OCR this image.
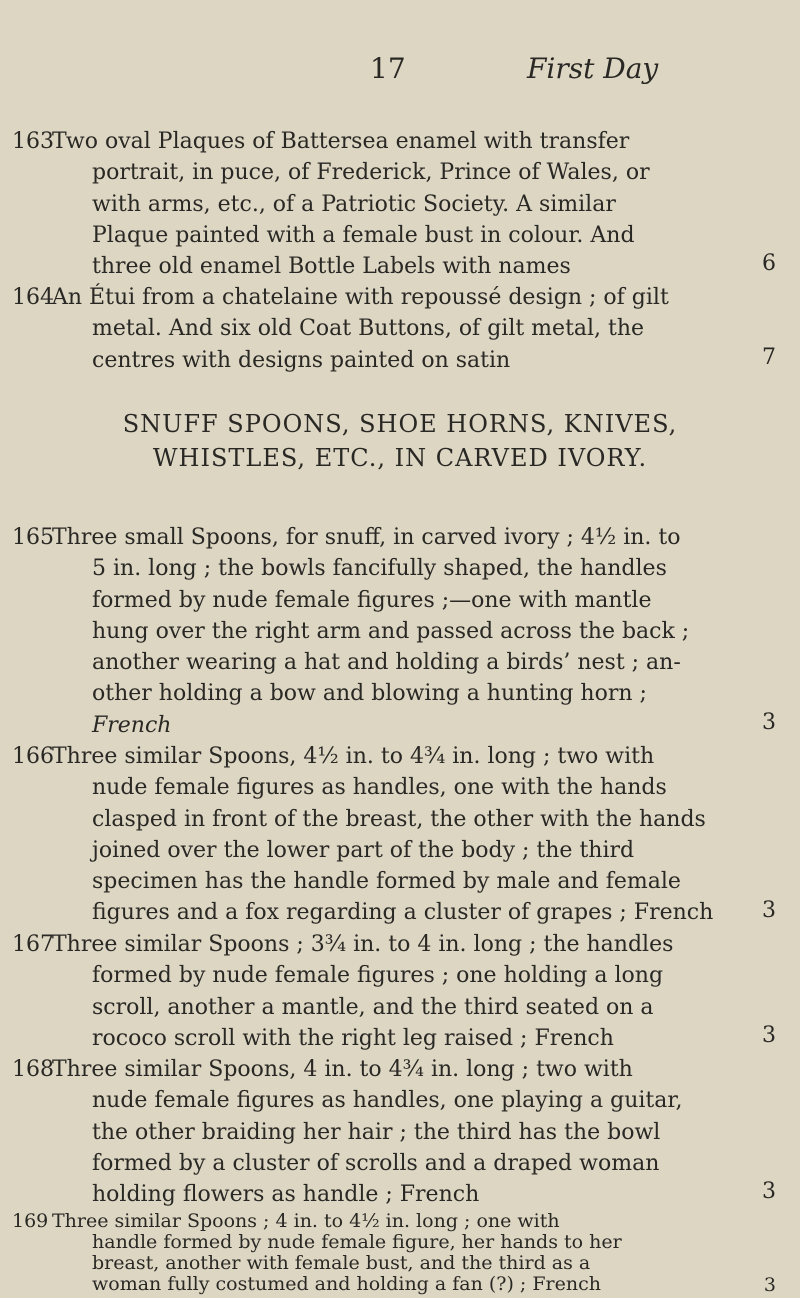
17	First Day
163
Two oval Plaques of Battersea enamel with transfer
portrait, in puce, of Frederick, Prince of Wales, or
with arms, etc., of a Patriotic Society. A similar
Plaque painted with a female bust in colour. And
three old enamel Bottle Labels with names	6
164
An Étui from a chatelaine with repoussé design ; of gilt
metal. And six old Coat Buttons, of gilt metal, the
centres with designs painted on satin	7
SNUFF SPOONS, SHOE HORNS, KNIVES,
WHISTLES, ETC., IN CARVED IVORY.
165
Three small Spoons, for snuff, in carved ivory ; 4½ in. to
5 in. long ; the bowls fancifully shaped, the handles
formed by nude female figures ;—one with mantle
hung over the right arm and passed across the back ;
another wearing a hat and holding a birds’ nest ; an-
other holding a bow and blowing a hunting horn ;
French	3
166
Three similar Spoons, 4½ in. to 4¾ in. long ; two with
nude female figures as handles, one with the hands
clasped in front of the breast, the other with the hands
joined over the lower part of the body ; the third
specimen has the handle formed by male and female
figures and a fox regarding a cluster of grapes ; French	3
167
Three similar Spoons ; 3¾ in. to 4 in. long ; the handles
formed by nude female figures ; one holding a long
scroll, another a mantle, and the third seated on a
rococo scroll with the right leg raised ; French	3
168
Three similar Spoons, 4 in. to 4¾ in. long ; two with
nude female figures as handles, one playing a guitar,
the other braiding her hair ; the third has the bowl
formed by a cluster of scrolls and a draped woman
holding flowers as handle ; French	3
169 Three similar Spoons ; 4 in. to 4½ in. long ; one with
handle formed by nude female figure, her hands to her
breast, another with female bust, and the third as a
woman fully costumed and holding a fan (?) ; French	3
